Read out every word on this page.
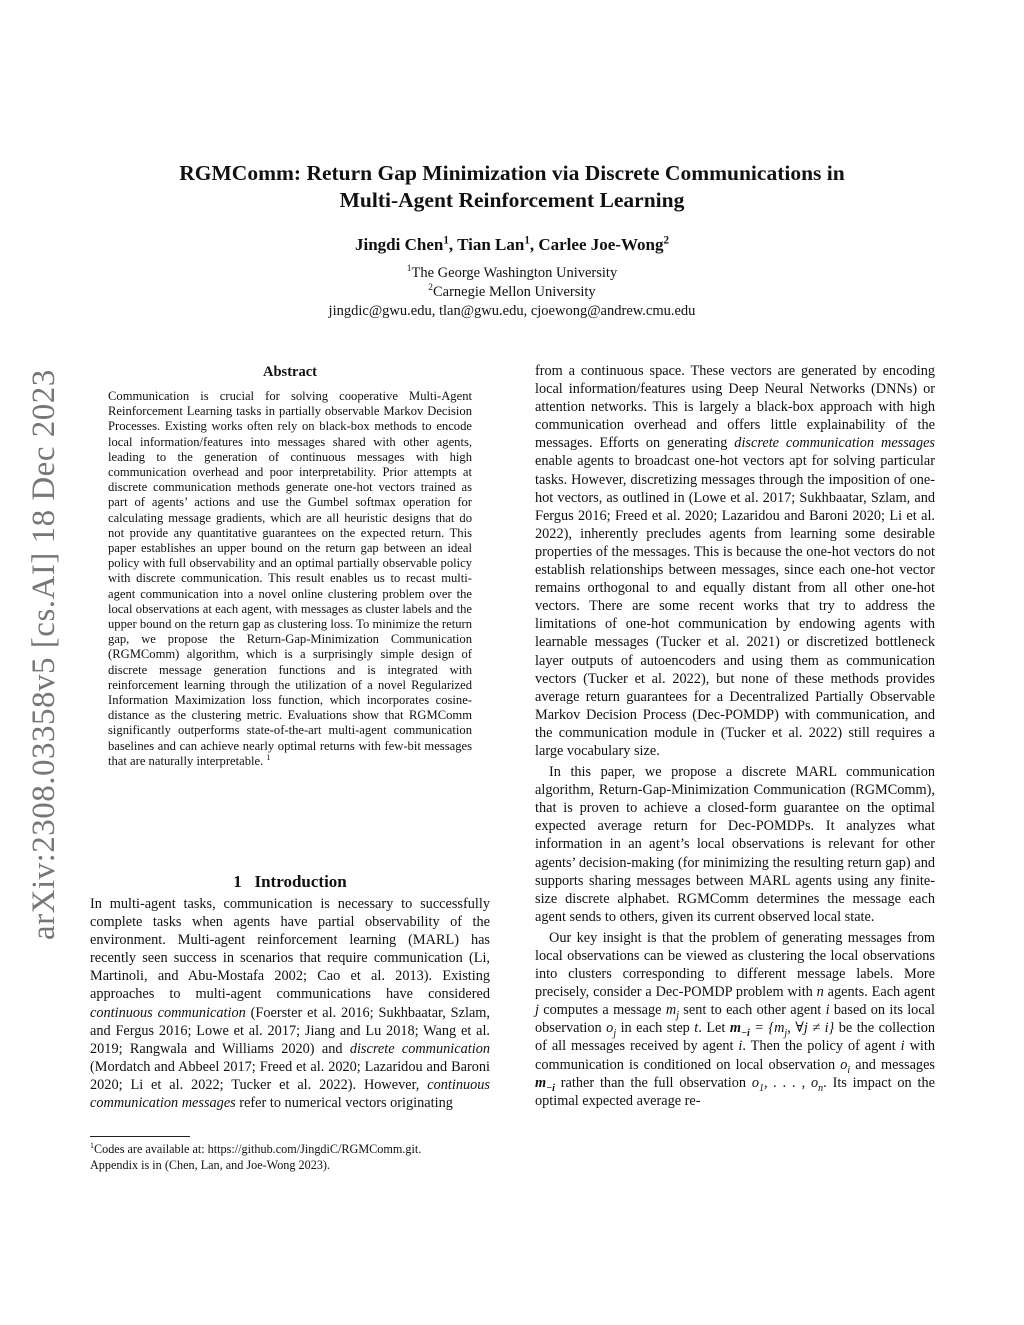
arXiv:2308.03358v5 [cs.AI] 18 Dec 2023
RGMComm: Return Gap Minimization via Discrete Communications in
Multi-Agent Reinforcement Learning
Jingdi Chen$^1$, Tian Lan$^1$, Carlee Joe-Wong$^2$
$^1$The George Washington University
$^2$Carnegie Mellon University
jingdic@gwu.edu, tlan@gwu.edu, cjoewong@andrew.cmu.edu
Abstract

Communication is crucial for solving cooperative Multi-Agent Reinforcement Learning tasks in partially observable Markov Decision Processes. Existing works often rely on black-box methods to encode local information/features into messages shared with other agents, leading to the generation of continuous messages with high communication overhead and poor interpretability. Prior attempts at discrete communication methods generate one-hot vectors trained as part of agents’ actions and use the Gumbel softmax operation for calculating message gradients, which are all heuristic designs that do not provide any quantitative guarantees on the expected return. This paper establishes an upper bound on the return gap between an ideal policy with full observability and an optimal partially observable policy with discrete communication. This result enables us to recast multi-agent communication into a novel online clustering problem over the local observations at each agent, with messages as cluster labels and the upper bound on the return gap as clustering loss. To minimize the return gap, we propose the Return-Gap-Minimization Communication (RGMComm) algorithm, which is a surprisingly simple design of discrete message generation functions and is integrated with reinforcement learning through the utilization of a novel Regularized Information Maximization loss function, which incorporates cosine-distance as the clustering metric. Evaluations show that RGMComm significantly outperforms state-of-the-art multi-agent communication baselines and can achieve nearly optimal returns with few-bit messages that are naturally interpretable. $^1$

1 Introduction

In multi-agent tasks, communication is necessary to successfully complete tasks when agents have partial observability of the environment. Multi-agent reinforcement learning (MARL) has recently seen success in scenarios that require communication (Li, Martinoli, and Abu-Mostafa 2002; Cao et al. 2013). Existing approaches to multi-agent communications have considered continuous communication (Foerster et al. 2016; Sukhbaatar, Szlam, and Fergus 2016; Lowe et al. 2017; Jiang and Lu 2018; Wang et al. 2019; Rangwala and Williams 2020) and discrete communication (Mordatch and Abbeel 2017; Freed et al. 2020; Lazaridou and Baroni 2020; Li et al. 2022; Tucker et al. 2022). However, continuous communication messages refer to numerical vectors originating

$^1$Codes are available at: https://github.com/JingdiC/RGMComm.git.

Appendix is in (Chen, Lan, and Joe-Wong 2023).

from a continuous space. These vectors are generated by encoding local information/features using Deep Neural Networks (DNNs) or attention networks. This is largely a black-box approach with high communication overhead and offers little explainability of the messages. Efforts on generating discrete communication messages enable agents to broadcast one-hot vectors apt for solving particular tasks. However, discretizing messages through the imposition of one-hot vectors, as outlined in (Lowe et al. 2017; Sukhbaatar, Szlam, and Fergus 2016; Freed et al. 2020; Lazaridou and Baroni 2020; Li et al. 2022), inherently precludes agents from learning some desirable properties of the messages. This is because the one-hot vectors do not establish relationships between messages, since each one-hot vector remains orthogonal to and equally distant from all other one-hot vectors. There are some recent works that try to address the limitations of one-hot communication by endowing agents with learnable messages (Tucker et al. 2021) or discretized bottleneck layer outputs of autoencoders and using them as communication vectors (Tucker et al. 2022), but none of these methods provides average return guarantees for a Decentralized Partially Observable Markov Decision Process (Dec-POMDP) with communication, and the communication module in (Tucker et al. 2022) still requires a large vocabulary size.

In this paper, we propose a discrete MARL communication algorithm, Return-Gap-Minimization Communication (RGMComm), that is proven to achieve a closed-form guarantee on the optimal expected average return for Dec-POMDPs. It analyzes what information in an agent’s local observations is relevant for other agents’ decision-making (for minimizing the resulting return gap) and supports sharing messages between MARL agents using any finite-size discrete alphabet. RGMComm determines the message each agent sends to others, given its current observed local state.

Our key insight is that the problem of generating messages from local observations can be viewed as clustering the local observations into clusters corresponding to different message labels. More precisely, consider a Dec-POMDP problem with n agents. Each agent j computes a message $m_j$ sent to each other agent i based on its local observation $o_j$ in each step t. Let $m_{-i} = \{m_j$, ∀j ≠ i} be the collection of all messages received by agent i. Then the policy of agent i with communication is conditioned on local observation $o_i$ and messages $m_{-i}$ rather than the full observation $o_1$, . . . , $o_n$. Its impact on the optimal expected average re-
